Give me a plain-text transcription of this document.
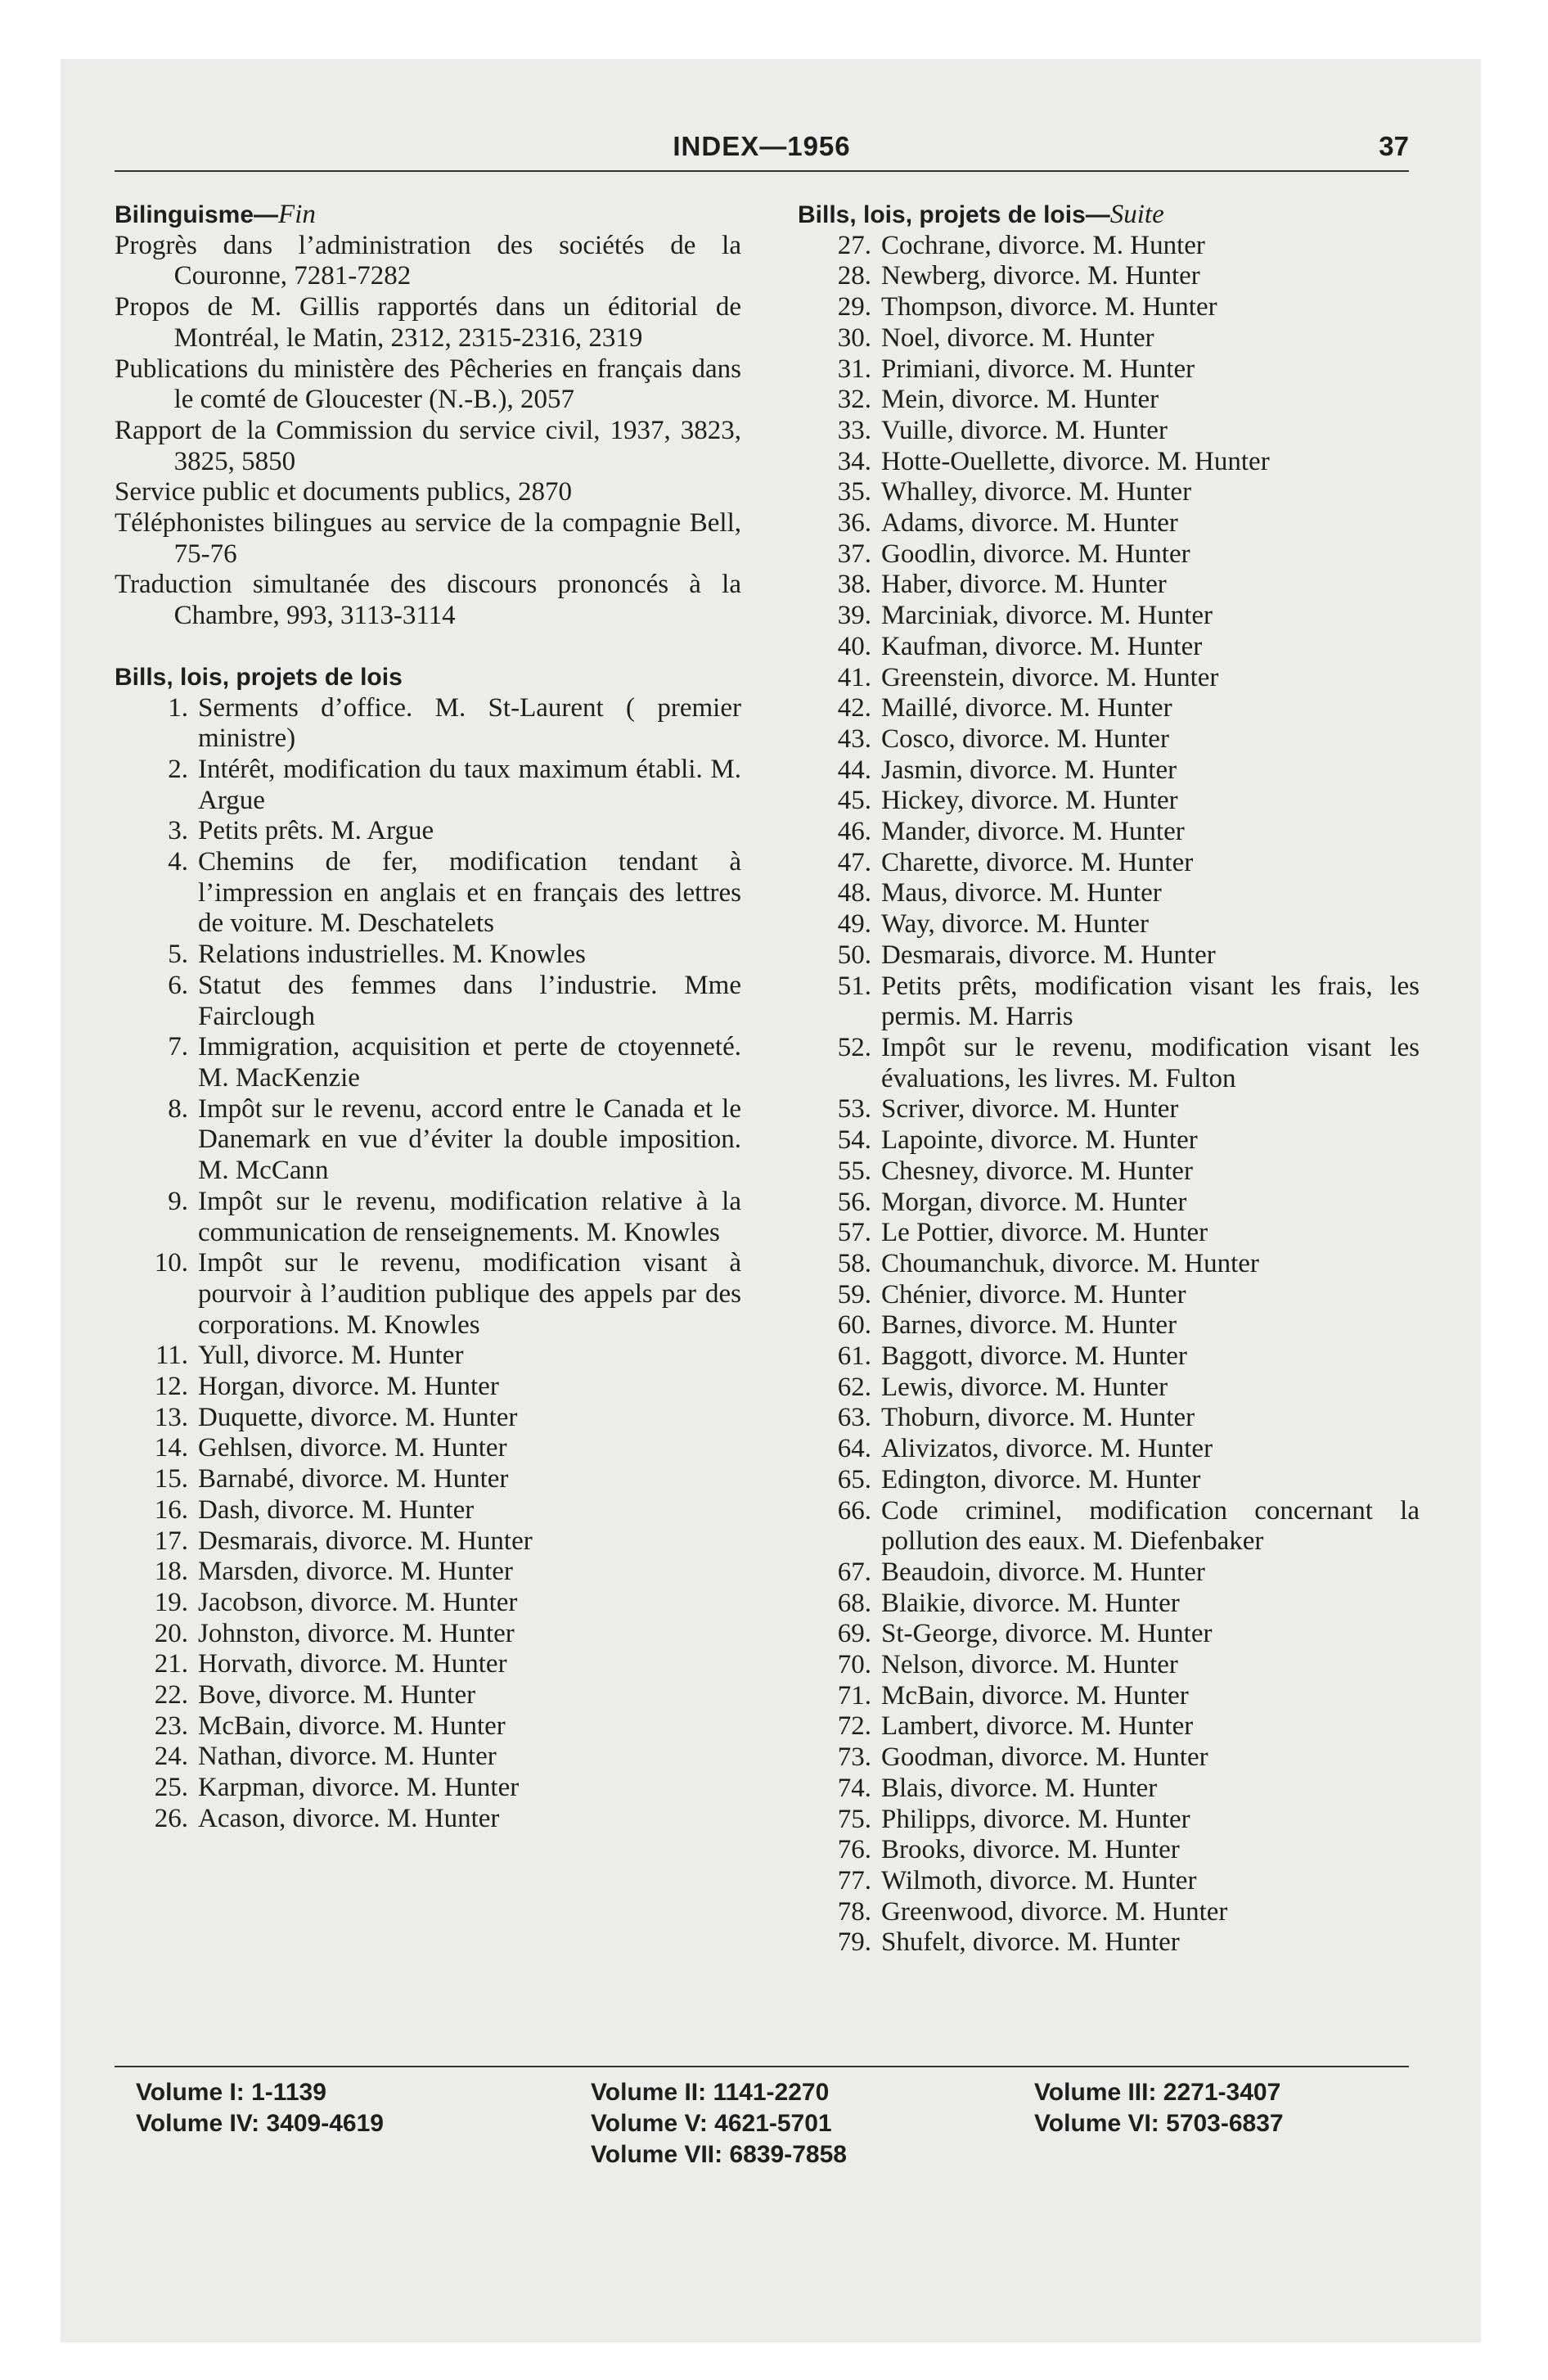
INDEX—1956	37
Bilinguisme—Fin
Progrès dans l’administration des sociétés de la Couronne, 7281-7282
Propos de M. Gillis rapportés dans un éditorial de Montréal, le Matin, 2312, 2315-2316, 2319
Publications du ministère des Pêcheries en français dans le comté de Gloucester (N.-B.), 2057
Rapport de la Commission du service civil, 1937, 3823, 3825, 5850
Service public et documents publics, 2870
Téléphonistes bilingues au service de la compagnie Bell, 75-76
Traduction simultanée des discours prononcés à la Chambre, 993, 3113-3114
Bills, lois, projets de lois
1. Serments d’office. M. St-Laurent ( premier ministre)
2. Intérêt, modification du taux maximum établi. M. Argue
3. Petits prêts. M. Argue
4. Chemins de fer, modification tendant à l’impression en anglais et en français des lettres de voiture. M. Deschatelets
5. Relations industrielles. M. Knowles
6. Statut des femmes dans l’industrie. Mme Fairclough
7. Immigration, acquisition et perte de ctoyenneté. M. MacKenzie
8. Impôt sur le revenu, accord entre le Canada et le Danemark en vue d’éviter la double imposition. M. McCann
9. Impôt sur le revenu, modification relative à la communication de renseignements. M. Knowles
10. Impôt sur le revenu, modification visant à pourvoir à l’audition publique des appels par des corporations. M. Knowles
11. Yull, divorce. M. Hunter
12. Horgan, divorce. M. Hunter
13. Duquette, divorce. M. Hunter
14. Gehlsen, divorce. M. Hunter
15. Barnabé, divorce. M. Hunter
16. Dash, divorce. M. Hunter
17. Desmarais, divorce. M. Hunter
18. Marsden, divorce. M. Hunter
19. Jacobson, divorce. M. Hunter
20. Johnston, divorce. M. Hunter
21. Horvath, divorce. M. Hunter
22. Bove, divorce. M. Hunter
23. McBain, divorce. M. Hunter
24. Nathan, divorce. M. Hunter
25. Karpman, divorce. M. Hunter
26. Acason, divorce. M. Hunter
Bills, lois, projets de lois—Suite
27. Cochrane, divorce. M. Hunter
28. Newberg, divorce. M. Hunter
29. Thompson, divorce. M. Hunter
30. Noel, divorce. M. Hunter
31. Primiani, divorce. M. Hunter
32. Mein, divorce. M. Hunter
33. Vuille, divorce. M. Hunter
34. Hotte-Ouellette, divorce. M. Hunter
35. Whalley, divorce. M. Hunter
36. Adams, divorce. M. Hunter
37. Goodlin, divorce. M. Hunter
38. Haber, divorce. M. Hunter
39. Marciniak, divorce. M. Hunter
40. Kaufman, divorce. M. Hunter
41. Greenstein, divorce. M. Hunter
42. Maillé, divorce. M. Hunter
43. Cosco, divorce. M. Hunter
44. Jasmin, divorce. M. Hunter
45. Hickey, divorce. M. Hunter
46. Mander, divorce. M. Hunter
47. Charette, divorce. M. Hunter
48. Maus, divorce. M. Hunter
49. Way, divorce. M. Hunter
50. Desmarais, divorce. M. Hunter
51. Petits prêts, modification visant les frais, les permis. M. Harris
52. Impôt sur le revenu, modification visant les évaluations, les livres. M. Fulton
53. Scriver, divorce. M. Hunter
54. Lapointe, divorce. M. Hunter
55. Chesney, divorce. M. Hunter
56. Morgan, divorce. M. Hunter
57. Le Pottier, divorce. M. Hunter
58. Choumanchuk, divorce. M. Hunter
59. Chénier, divorce. M. Hunter
60. Barnes, divorce. M. Hunter
61. Baggott, divorce. M. Hunter
62. Lewis, divorce. M. Hunter
63. Thoburn, divorce. M. Hunter
64. Alivizatos, divorce. M. Hunter
65. Edington, divorce. M. Hunter
66. Code criminel, modification concernant la pollution des eaux. M. Diefenbaker
67. Beaudoin, divorce. M. Hunter
68. Blaikie, divorce. M. Hunter
69. St-George, divorce. M. Hunter
70. Nelson, divorce. M. Hunter
71. McBain, divorce. M. Hunter
72. Lambert, divorce. M. Hunter
73. Goodman, divorce. M. Hunter
74. Blais, divorce. M. Hunter
75. Philipps, divorce. M. Hunter
76. Brooks, divorce. M. Hunter
77. Wilmoth, divorce. M. Hunter
78. Greenwood, divorce. M. Hunter
79. Shufelt, divorce. M. Hunter
Volume I: 1-1139
Volume IV: 3409-4619
Volume II: 1141-2270
Volume V: 4621-5701
Volume VII: 6839-7858
Volume III: 2271-3407
Volume VI: 5703-6837
